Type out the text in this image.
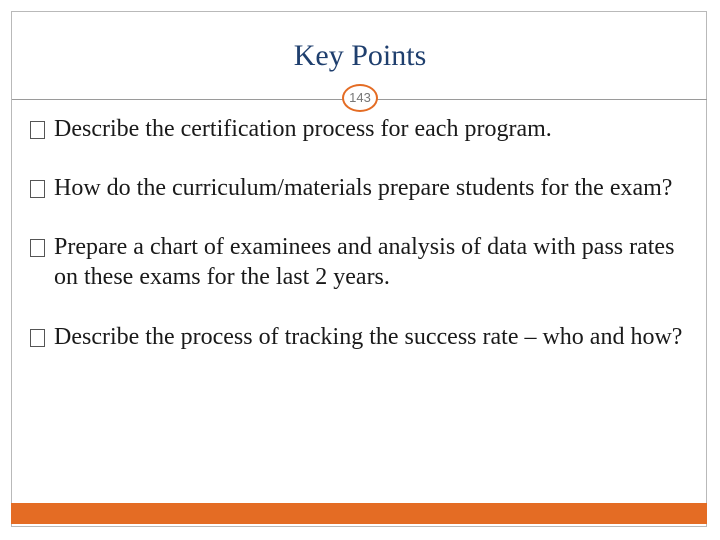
Key Points
143
Describe the certification process for each program.
How do the curriculum/materials prepare students for the exam?
Prepare a chart of examinees and analysis of data with pass rates on these exams for the last 2 years.
Describe the process of tracking the success rate – who and how?
